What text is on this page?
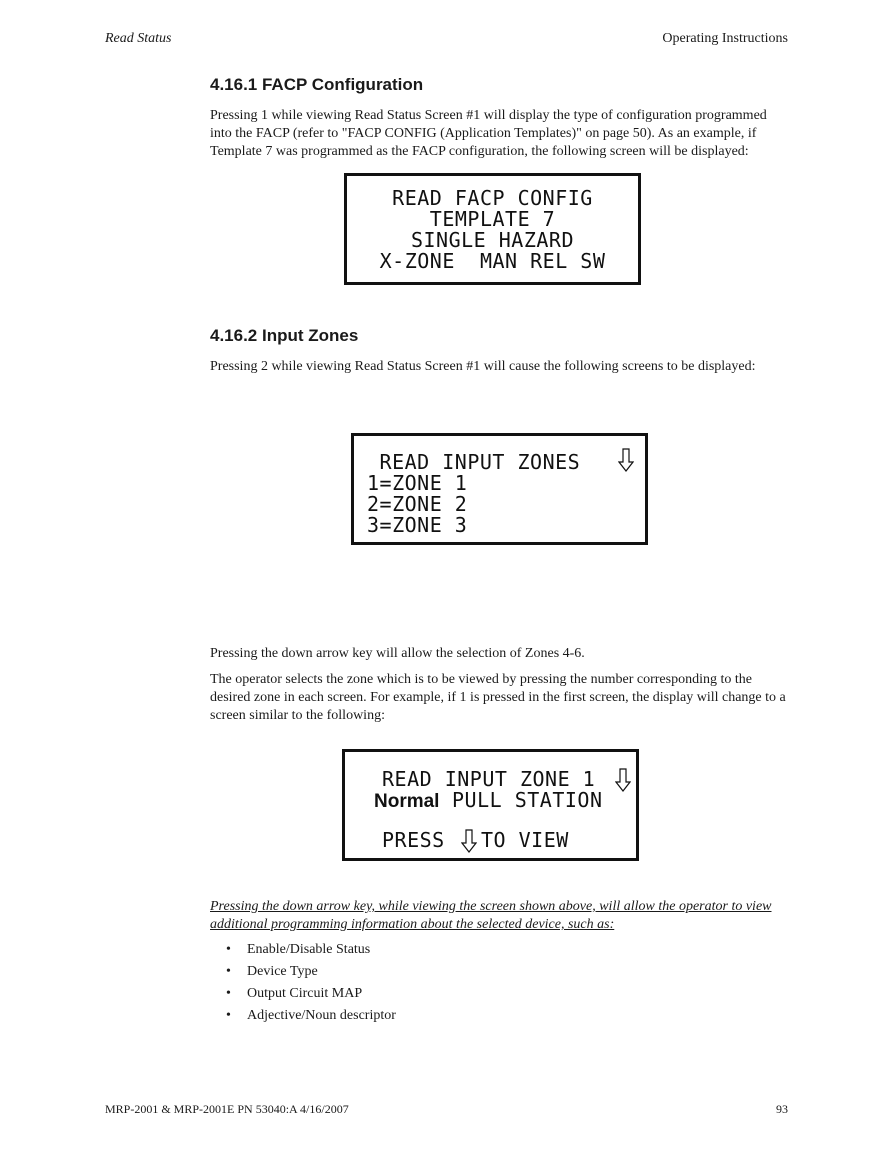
Read Status	Operating Instructions
4.16.1 FACP Configuration

Pressing 1 while viewing Read Status Screen #1 will display the type of configuration programmed into the FACP (refer to "FACP CONFIG (Application Templates)" on page 50). As an example, if Template 7 was programmed as the FACP configuration, the following screen will be displayed:

READ FACP CONFIG
TEMPLATE 7
SINGLE HAZARD
X-ZONE  MAN REL SW
4.16.2 Input Zones

Pressing 2 while viewing Read Status Screen #1 will cause the following screens to be displayed:

READ INPUT ZONES
1=ZONE 1
2=ZONE 2
3=ZONE 3

Pressing the down arrow key will allow the selection of Zones 4-6.

The operator selects the zone which is to be viewed by pressing the number corresponding to the desired zone in each screen. For example, if 1 is pressed in the first screen, the display will change to a screen similar to the following:

READ INPUT ZONE 1
Normal PULL STATION
PRESS TO VIEW

Pressing the down arrow key, while viewing the screen shown above, will allow the operator to view additional programming information about the selected device, such as:

• Enable/Disable Status
• Device Type
• Output Circuit MAP
• Adjective/Noun descriptor
MRP-2001 & MRP-2001E PN 53040:A 4/16/2007	93
